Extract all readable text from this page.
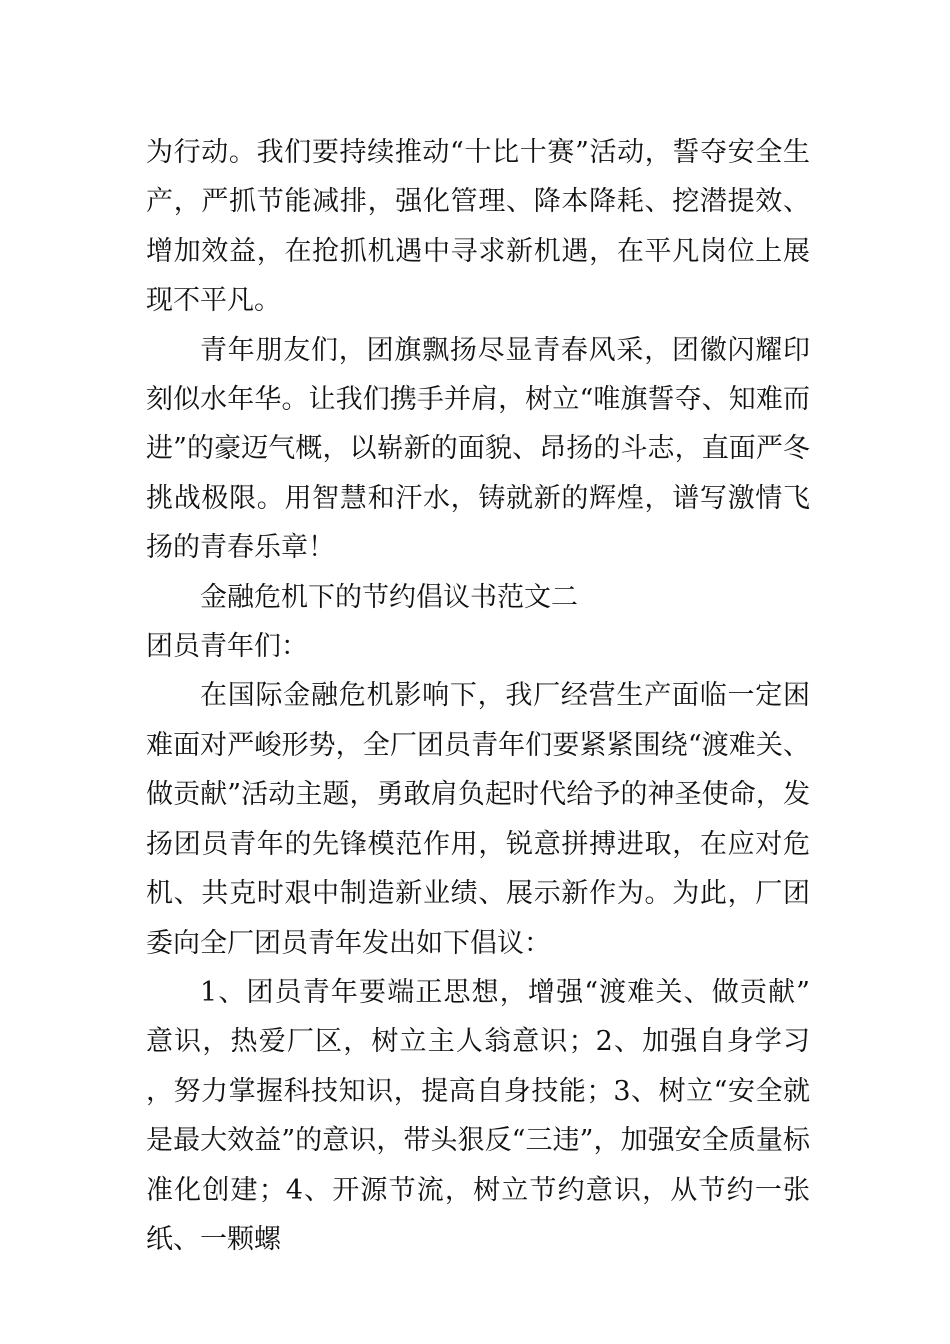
为行动。我们要持续推动“十比十赛”活动，誓夺安全生产，严抓节能减排，强化管理、降本降耗、挖潜提效、增加效益，在抢抓机遇中寻求新机遇，在平凡岗位上展现不平凡。

青年朋友们，团旗飘扬尽显青春风采，团徽闪耀印刻似水年华。让我们携手并肩，树立“唯旗誓夺、知难而进”的豪迈气概，以崭新的面貌、昂扬的斗志，直面严冬挑战极限。用智慧和汗水，铸就新的辉煌，谱写激情飞扬的青春乐章！

金融危机下的节约倡议书范文二

团员青年们：

在国际金融危机影响下，我厂经营生产面临一定困难面对严峻形势，全厂团员青年们要紧紧围绕“渡难关、做贡献”活动主题，勇敢肩负起时代给予的神圣使命，发扬团员青年的先锋模范作用，锐意拼搏进取，在应对危机、共克时艰中制造新业绩、展示新作为。为此，厂团委向全厂团员青年发出如下倡议：

1、团员青年要端正思想，增强“渡难关、做贡献”意识，热爱厂区，树立主人翁意识；2、加强自身学习，努力掌握科技知识，提高自身技能；3、树立“安全就是最大效益”的意识，带头狠反“三违”，加强安全质量标准化创建；4、开源节流，树立节约意识，从节约一张纸、一颗螺
